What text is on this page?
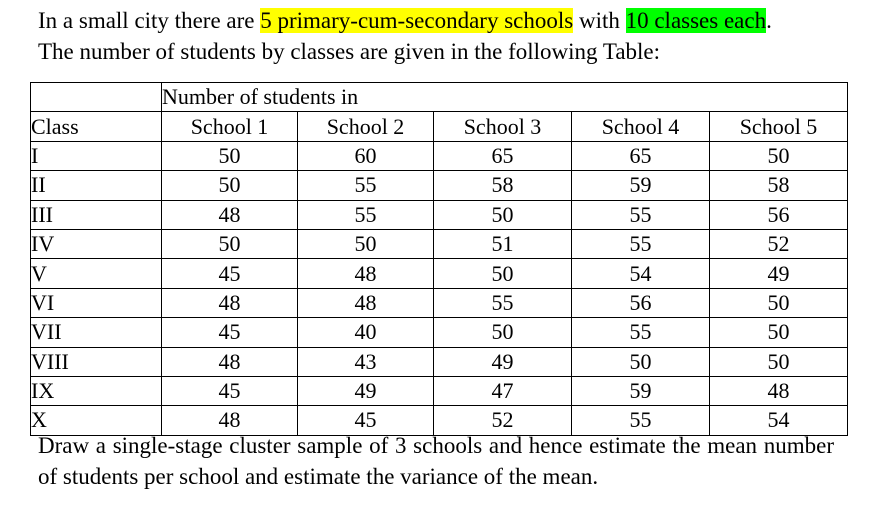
In a small city there are 5 primary-cum-secondary schools with 10 classes each.
The number of students by classes are given in the following Table:
	Number of students in				
Class	School 1	School 2	School 3	School 4	School 5
I	50	60	65	65	50
II	50	55	58	59	58
III	48	55	50	55	56
IV	50	50	51	55	52
V	45	48	50	54	49
VI	48	48	55	56	50
VII	45	40	50	55	50
VIII	48	43	49	50	50
IX	45	49	47	59	48
X	48	45	52	55	54
Draw a single-stage cluster sample of 3 schools and hence estimate the mean number of students per school and estimate the variance of the mean.
